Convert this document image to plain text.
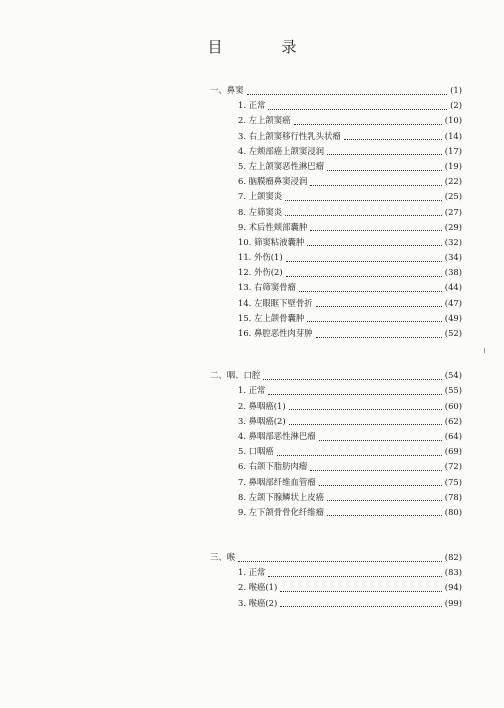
目　录
一、鼻窦	(1)
1. 正常	(2)
2. 左上颌窦癌	(10)
3. 右上颌窦移行性乳头状瘤	(14)
4. 左颊部癌上颌窦浸润	(17)
5. 左上颌窦恶性淋巴瘤	(19)
6. 脑膜瘤鼻窦浸润	(22)
7. 上颌窦炎	(25)
8. 左筛窦炎	(27)
9. 术后性颊部囊肿	(29)
10. 筛窦粘液囊肿	(32)
11. 外伤(1)	(34)
12. 外伤(2)	(38)
13. 右筛窦骨瘤	(44)
14. 左眼眶下壁骨折	(47)
15. 左上颌骨囊肿	(49)
16. 鼻腔恶性肉芽肿	(52)
二、咽、口腔	(54)
1. 正常	(55)
2. 鼻咽癌(1)	(60)
3. 鼻咽癌(2)	(62)
4. 鼻咽部恶性淋巴瘤	(64)
5. 口咽癌	(69)
6. 右颌下脂肪肉瘤	(72)
7. 鼻咽部纤维血管瘤	(75)
8. 左颌下腺鳞状上皮癌	(78)
9. 左下颌骨骨化纤维瘤	(80)
三、喉	(82)
1. 正常	(83)
2. 喉癌(1)	(94)
3. 喉癌(2)	(99)
